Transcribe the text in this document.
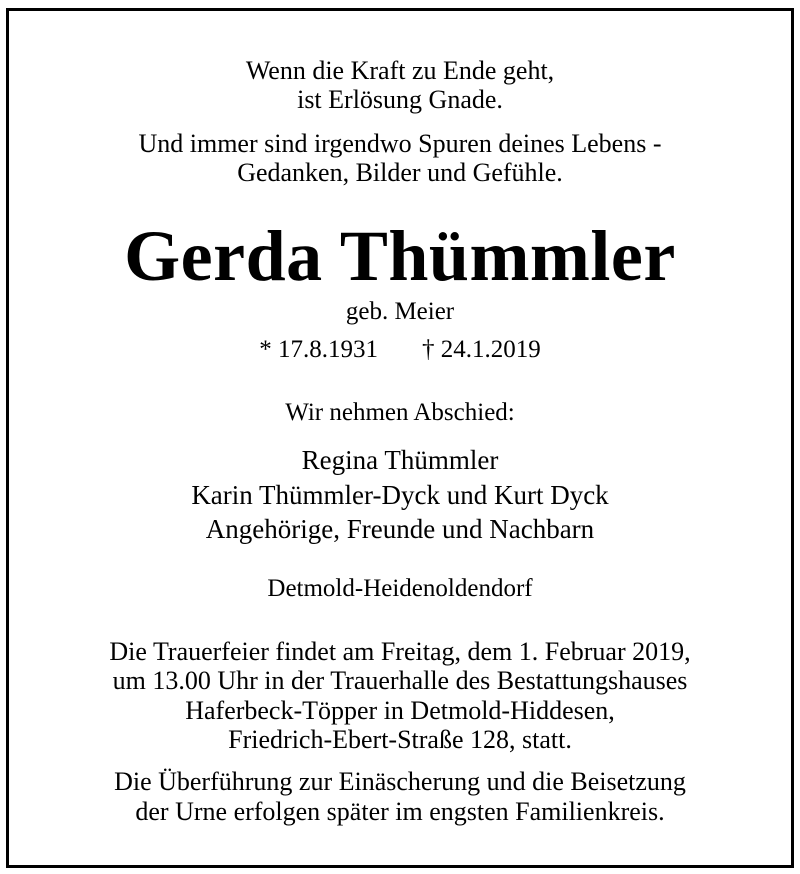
Wenn die Kraft zu Ende geht,

ist Erlösung Gnade.

Und immer sind irgendwo Spuren deines Lebens -

Gedanken, Bilder und Gefühle.

Gerda Thümmler

geb. Meier

* 17.8.1931 † 24.1.2019

Wir nehmen Abschied:

Regina Thümmler

Karin Thümmler-Dyck und Kurt Dyck

Angehörige, Freunde und Nachbarn

Detmold-Heidenoldendorf

Die Trauerfeier findet am Freitag, dem 1. Februar 2019,

um 13.00 Uhr in der Trauerhalle des Bestattungshauses

Haferbeck-Töpper in Detmold-Hiddesen,

Friedrich-Ebert-Straße 128, statt.

Die Überführung zur Einäscherung und die Beisetzung

der Urne erfolgen später im engsten Familienkreis.
